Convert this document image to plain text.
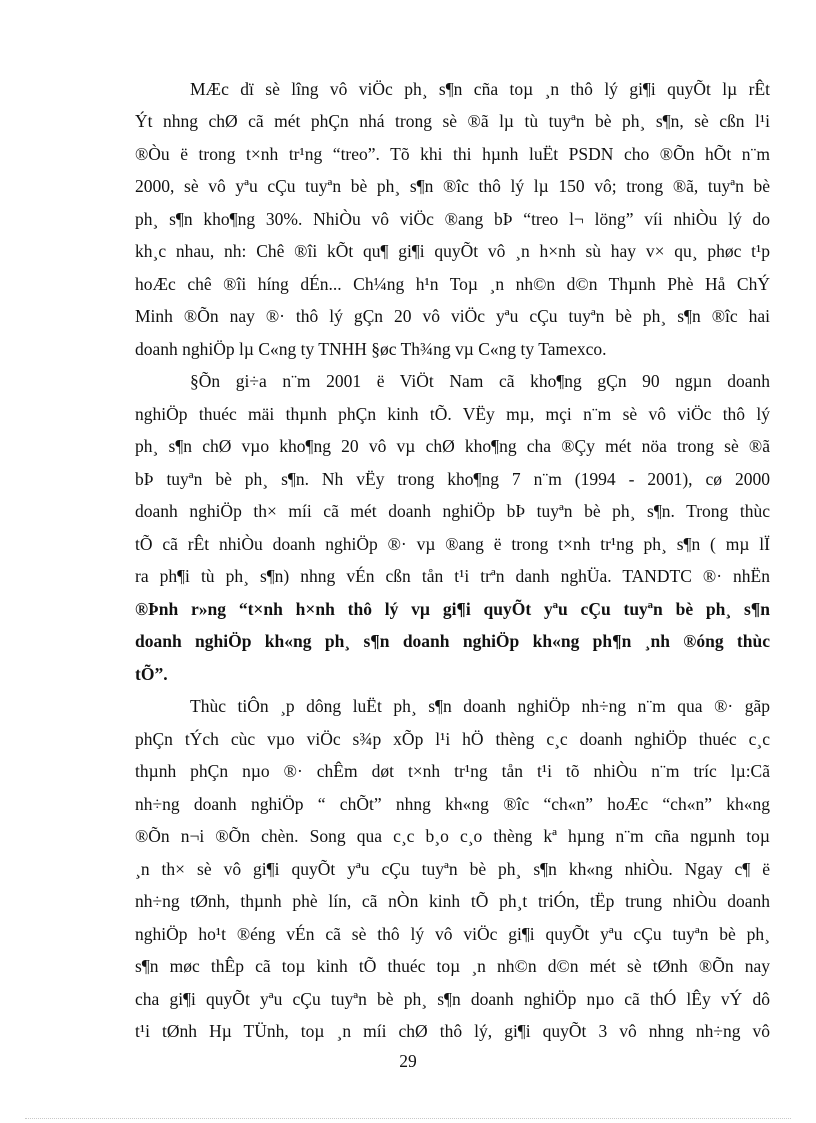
MÆc dï sè lîng vô viÖc ph¸ s¶n cña toµ ¸n thô lý gi¶i quyÕt lµ rÊt
Ýt nhng chØ cã mét phÇn nhá trong sè ®ã lµ tù tuyªn bè ph¸ s¶n, sè cßn l¹i
®Òu ë trong t×nh tr¹ng “treo”. Tõ khi thi hµnh luËt PSDN cho ®Õn hÕt n¨m
2000, sè vô yªu cÇu tuyªn bè ph¸ s¶n ®îc thô lý lµ 150 vô; trong ®ã, tuyªn bè
ph¸ s¶n kho¶ng 30%. NhiÒu vô viÖc ®ang bÞ “treo l¬ löng” víi nhiÒu lý do
kh¸c nhau, nh: Chê ®îi kÕt qu¶ gi¶i quyÕt vô ¸n h×nh sù hay v× qu¸ phøc t¹p
hoÆc chê ®îi híng dÉn... Ch¼ng h¹n Toµ ¸n nh©n d©n Thµnh Phè Hå ChÝ
Minh ®Õn nay ®· thô lý gÇn 20 vô viÖc yªu cÇu tuyªn bè ph¸ s¶n ®îc hai
doanh nghiÖp lµ C«ng ty TNHH §øc Th¾ng vµ C«ng ty Tamexco.
§Õn gi÷a n¨m 2001 ë ViÖt Nam cã kho¶ng gÇn 90 ngµn doanh
nghiÖp thuéc mäi thµnh phÇn kinh tÕ. VËy mµ, mçi n¨m sè vô viÖc thô lý
ph¸ s¶n chØ vµo kho¶ng 20 vô vµ chØ kho¶ng cha ®Çy mét nöa trong sè ®ã
bÞ tuyªn bè ph¸ s¶n. Nh vËy trong kho¶ng 7 n¨m (1994 - 2001), cø 2000
doanh nghiÖp th× míi cã mét doanh nghiÖp bÞ tuyªn bè ph¸ s¶n. Trong thùc
tÕ cã rÊt nhiÒu doanh nghiÖp ®· vµ ®ang ë trong t×nh tr¹ng ph¸ s¶n ( mµ lÏ
ra ph¶i tù ph¸ s¶n) nhng vÉn cßn tån t¹i trªn danh nghÜa. TANDTC ®· nhËn
®Þnh r»ng “t×nh h×nh thô lý vµ gi¶i quyÕt yªu cÇu tuyªn bè ph¸ s¶n
doanh nghiÖp kh«ng ph¸ s¶n doanh nghiÖp kh«ng ph¶n ¸nh ®óng thùc
tÕ”.
Thùc tiÔn ¸p dông luËt ph¸ s¶n doanh nghiÖp nh÷ng n¨m qua ®· gãp
phÇn tÝch cùc vµo viÖc s¾p xÕp l¹i hÖ thèng c¸c doanh nghiÖp thuéc c¸c
thµnh phÇn nµo ®· chÊm døt t×nh tr¹ng tån t¹i tõ nhiÒu n¨m tríc lµ:Cã
nh÷ng doanh nghiÖp “ chÕt” nhng kh«ng ®îc “ch«n” hoÆc “ch«n” kh«ng
®Õn n¬i ®Õn chèn. Song qua c¸c b¸o c¸o thèng kª hµng n¨m cña ngµnh toµ
¸n th× sè vô gi¶i quyÕt yªu cÇu tuyªn bè ph¸ s¶n kh«ng nhiÒu. Ngay c¶ ë
nh÷ng tØnh, thµnh phè lín, cã nÒn kinh tÕ ph¸t triÓn, tËp trung nhiÒu doanh
nghiÖp ho¹t ®éng vÉn cã sè thô lý vô viÖc gi¶i quyÕt yªu cÇu tuyªn bè ph¸
s¶n møc thÊp cã toµ kinh tÕ thuéc toµ ¸n nh©n d©n mét sè tØnh ®Õn nay
cha gi¶i quyÕt yªu cÇu tuyªn bè ph¸ s¶n doanh nghiÖp nµo cã thÓ lÊy vÝ dô
t¹i tØnh Hµ TÜnh, toµ ¸n míi chØ thô lý, gi¶i quyÕt 3 vô nhng nh÷ng vô
29
